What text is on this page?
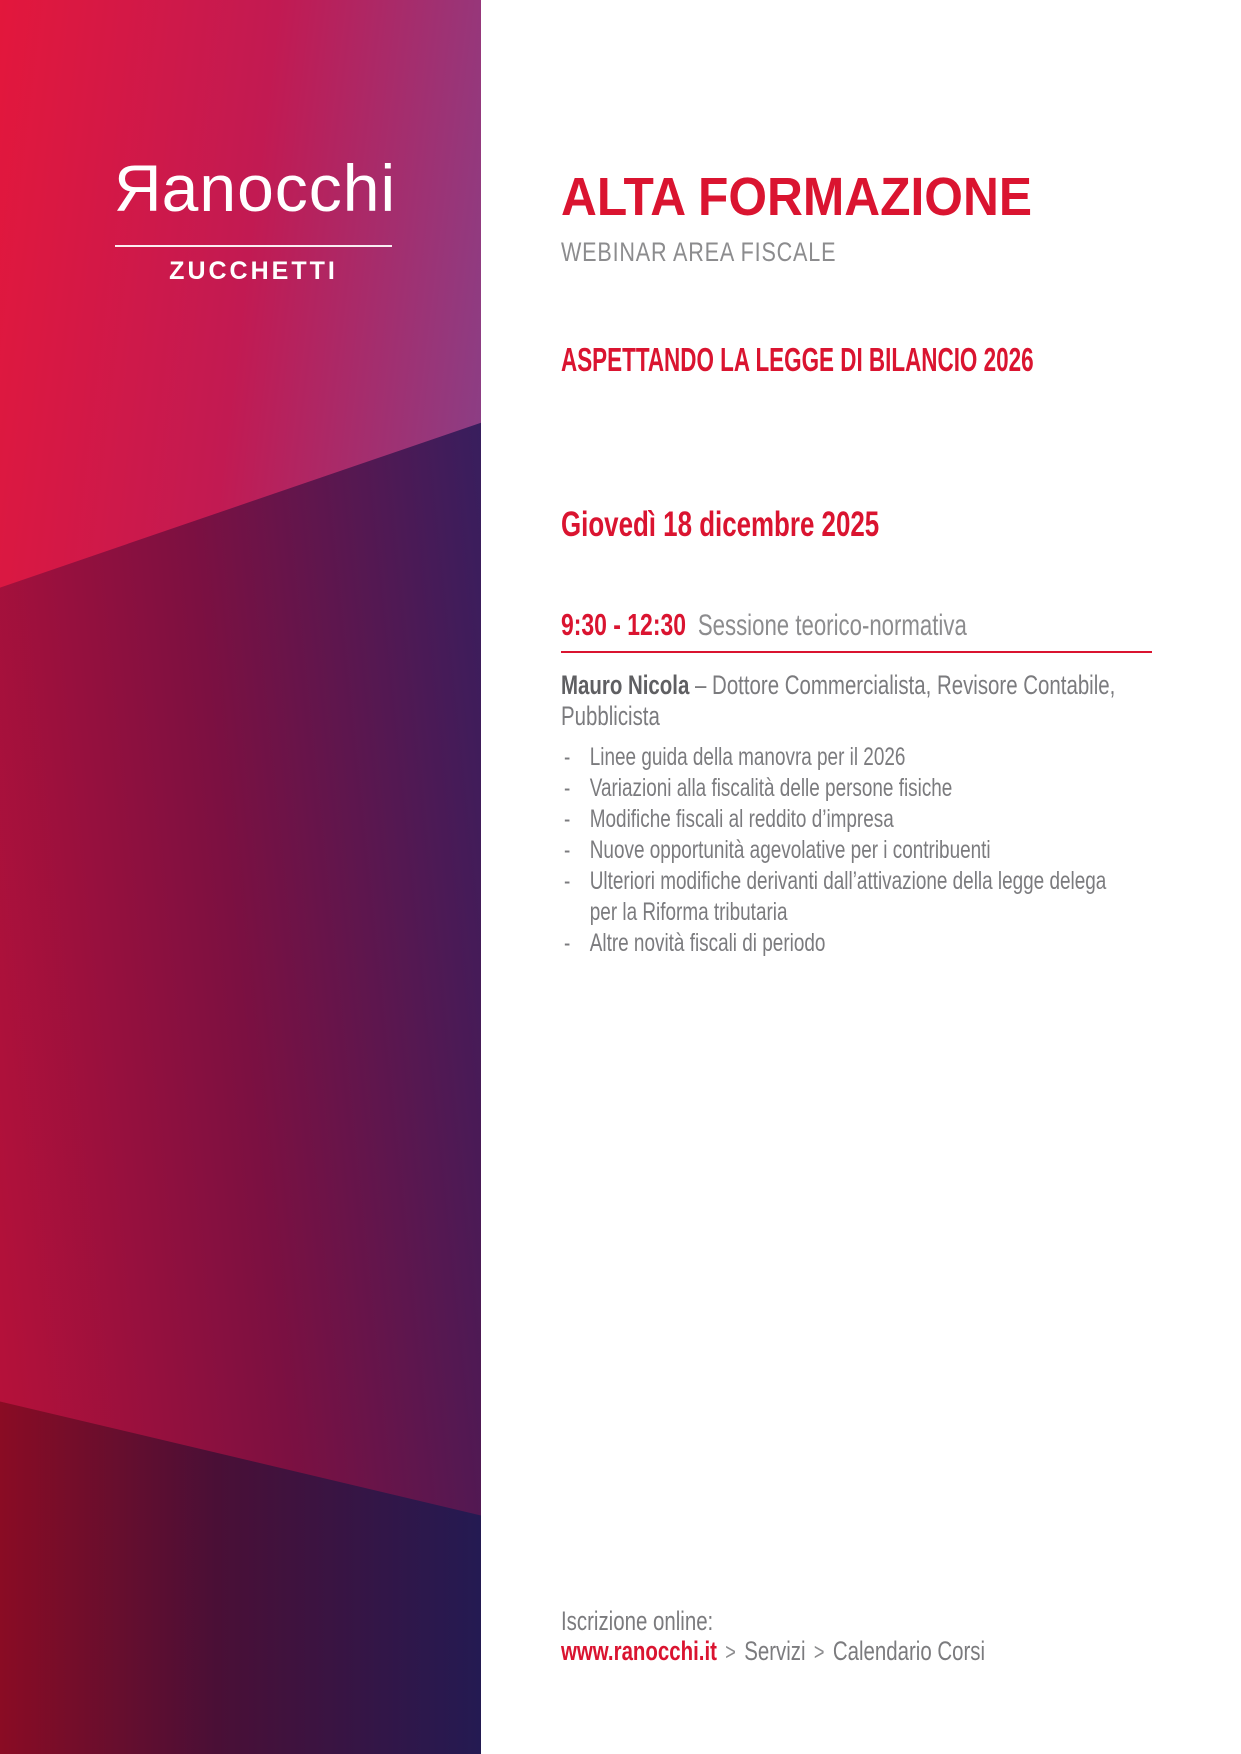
Ranocchi
ZUCCHETTI
ALTA FORMAZIONE
WEBINAR AREA FISCALE
ASPETTANDO LA LEGGE DI BILANCIO 2026
Giovedì 18 dicembre 2025
9:30 - 12:30 Sessione teorico-normativa
Mauro Nicola – Dottore Commercialista, Revisore Contabile, Pubblicista
- Linee guida della manovra per il 2026
- Variazioni alla fiscalità delle persone fisiche
- Modifiche fiscali al reddito d’impresa
- Nuove opportunità agevolative per i contribuenti
- Ulteriori modifiche derivanti dall’attivazione della legge delega
per la Riforma tributaria
- Altre novità fiscali di periodo
Iscrizione online:
www.ranocchi.it > Servizi > Calendario Corsi
